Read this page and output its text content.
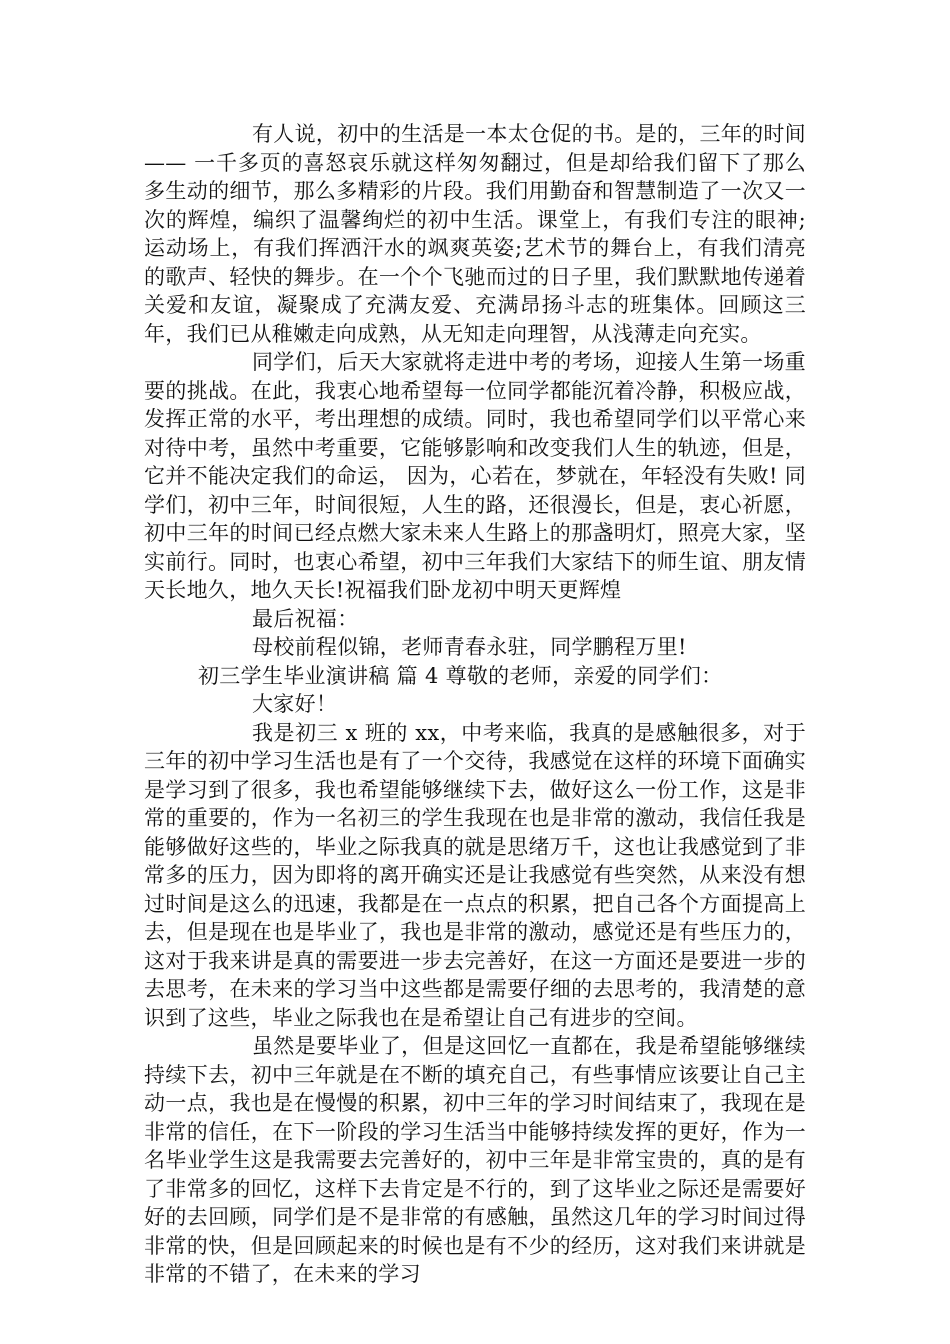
有人说，初中的生活是一本太仓促的书。是的，三年的时间 —— 一千多页的喜怒哀乐就这样匆匆翻过，但是却给我们留下了那么多生动的细节，那么多精彩的片段。我们用勤奋和智慧制造了一次又一次的辉煌，编织了温馨绚烂的初中生活。课堂上，有我们专注的眼神;运动场上，有我们挥洒汗水的飒爽英姿;艺术节的舞台上，有我们清亮的歌声、轻快的舞步。在一个个飞驰而过的日子里，我们默默地传递着关爱和友谊，凝聚成了充满友爱、充满昂扬斗志的班集体。回顾这三年，我们已从稚嫩走向成熟，从无知走向理智，从浅薄走向充实。

同学们，后天大家就将走进中考的考场，迎接人生第一场重要的挑战。在此，我衷心地希望每一位同学都能沉着冷静，积极应战，发挥正常的水平，考出理想的成绩。同时，我也希望同学们以平常心来对待中考，虽然中考重要，它能够影响和改变我们人生的轨迹，但是，它并不能决定我们的命运， 因为，心若在，梦就在，年轻没有失败! 同学们，初中三年，时间很短，人生的路，还很漫长，但是，衷心祈愿，初中三年的时间已经点燃大家未来人生路上的那盏明灯，照亮大家，坚实前行。同时，也衷心希望，初中三年我们大家结下的师生谊、朋友情天长地久，地久天长!祝福我们卧龙初中明天更辉煌

最后祝福：

母校前程似锦，老师青春永驻，同学鹏程万里!

初三学生毕业演讲稿 篇 4 尊敬的老师，亲爱的同学们：

大家好！

我是初三 x 班的 xx，中考来临，我真的是感触很多，对于三年的初中学习生活也是有了一个交待，我感觉在这样的环境下面确实是学习到了很多，我也希望能够继续下去，做好这么一份工作，这是非常的重要的，作为一名初三的学生我现在也是非常的激动，我信任我是能够做好这些的，毕业之际我真的就是思绪万千，这也让我感觉到了非常多的压力，因为即将的离开确实还是让我感觉有些突然，从来没有想过时间是这么的迅速，我都是在一点点的积累，把自己各个方面提高上去，但是现在也是毕业了，我也是非常的激动，感觉还是有些压力的，这对于我来讲是真的需要进一步去完善好，在这一方面还是要进一步的去思考，在未来的学习当中这些都是需要仔细的去思考的，我清楚的意识到了这些，毕业之际我也在是希望让自己有进步的空间。

虽然是要毕业了，但是这回忆一直都在，我是希望能够继续持续下去，初中三年就是在不断的填充自己，有些事情应该要让自己主动一点，我也是在慢慢的积累，初中三年的学习时间结束了，我现在是非常的信任，在下一阶段的学习生活当中能够持续发挥的更好，作为一名毕业学生这是我需要去完善好的，初中三年是非常宝贵的，真的是有了非常多的回忆，这样下去肯定是不行的，到了这毕业之际还是需要好好的去回顾，同学们是不是非常的有感触，虽然这几年的学习时间过得非常的快，但是回顾起来的时候也是有不少的经历，这对我们来讲就是非常的不错了，在未来的学习
